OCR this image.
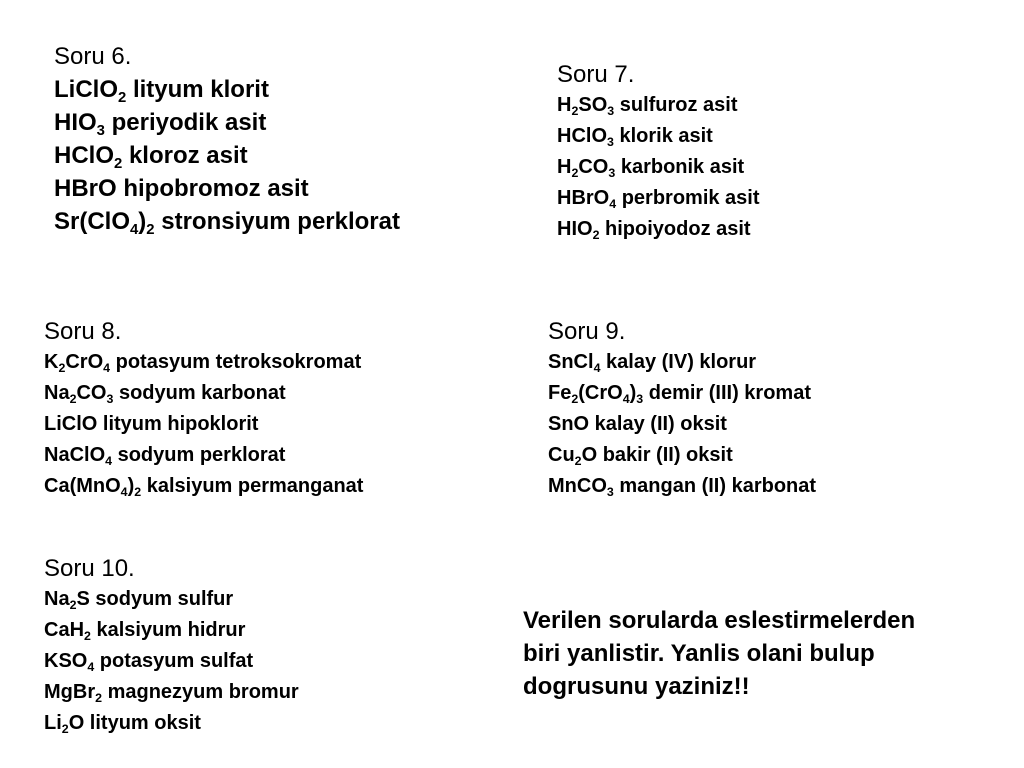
Soru 6.

LiClO$_2$ lityum klorit

$HIO_3$ periyodik asit

HClO$_2$ kloroz asit

HBrO hipobromoz asit

$Sr(ClO_4)_2$ stronsiyum perklorat

Soru 7.

$H_2SO_3$ sulfuroz asit

HClO$_3$ klorik asit

$H_2CO_3$ karbonik asit

HBrO$_4$ perbromik asit

$HIO_2$ hipoiyodoz asit

Soru 8.

$K_2CrO_4$ potasyum tetroksokromat

$Na_2CO_3$ sodyum karbonat

LiClO lityum hipoklorit

NaClO$_4$ sodyum perklorat

$Ca(MnO_4)_2$ kalsiyum permanganat

Soru 9.

SnCl$_4$ kalay (IV) klorur

$Fe_2(CrO_4)_3$ demir (III) kromat

SnO kalay (II) oksit

$Cu_2O$ bakir (II) oksit

MnCO$_3$ mangan (II) karbonat

Soru 10.

$Na_2S$ sodyum sulfur

CaH$_2$ kalsiyum hidrur

$KSO_4$ potasyum sulfat

MgBr$_2$ magnezyum bromur

$Li_2O$ lityum oksit

Verilen sorularda eslestirmelerden
biri yanlistir. Yanlis olani bulup
dogrusunu yaziniz!!
